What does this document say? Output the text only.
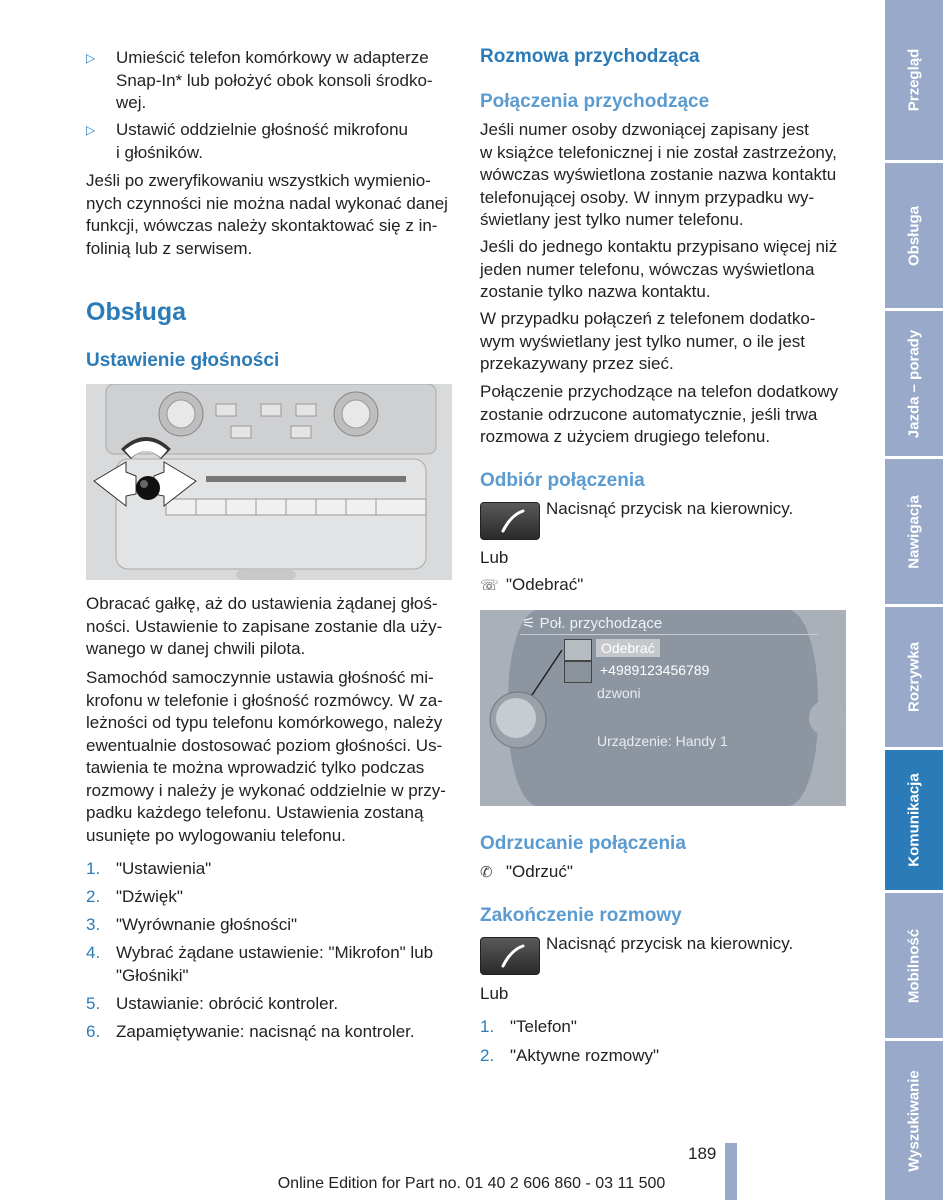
▷ Umieścić telefon komórkowy w adapterze
Snap-In* lub położyć obok konsoli środko-
wej.
▷ Ustawić oddzielnie głośność mikrofonu
i głośników.

Jeśli po zweryfikowaniu wszystkich wymienio-

nych czynności nie można nadal wykonać danej

funkcji, wówczas należy skontaktować się z in-

folinią lub z serwisem.

Obsługa
Ustawienie głośności

Obracać gałkę, aż do ustawienia żądanej głoś-

ności. Ustawienie to zapisane zostanie dla uży-

wanego w danej chwili pilota.

Samochód samoczynnie ustawia głośność mi-

krofonu w telefonie i głośność rozmówcy. W za-

leżności od typu telefonu komórkowego, należy

ewentualnie dostosować poziom głośności. Us-

tawienia te można wprowadzić tylko podczas

rozmowy i należy je wykonać oddzielnie w przy-

padku każdego telefonu. Ustawienia zostaną

usunięte po wylogowaniu telefonu.

1. "Ustawienia"
2. "Dźwięk"
3. "Wyrównanie głośności"
4. Wybrać żądane ustawienie: "Mikrofon" lub
"Głośniki"
5. Ustawianie: obrócić kontroler.
6. Zapamiętywanie: nacisnąć na kontroler.
Rozmowa przychodząca
Połączenia przychodzące

Jeśli numer osoby dzwoniącej zapisany jest

w książce telefonicznej i nie został zastrzeżony,

wówczas wyświetlona zostanie nazwa kontaktu

telefonującej osoby. W innym przypadku wy-

świetlany jest tylko numer telefonu.

Jeśli do jednego kontaktu przypisano więcej niż

jeden numer telefonu, wówczas wyświetlona

zostanie tylko nazwa kontaktu.

W przypadku połączeń z telefonem dodatko-

wym wyświetlany jest tylko numer, o ile jest

przekazywany przez sieć.

Połączenie przychodzące na telefon dodatkowy

zostanie odrzucone automatycznie, jeśli trwa

rozmowa z użyciem drugiego telefonu.

Odbiór połączenia

Nacisnąć przycisk na kierownicy.

Lub

☏ "Odebrać"

⚟ Poł. przychodzące
Odebrać
+4989123456789
dzwoni
Urządzenie: Handy 1
Odrzucanie połączenia
✆ "Odrzuć"

Zakończenie rozmowy

Nacisnąć przycisk na kierownicy.

Lub

1. "Telefon"
2. "Aktywne rozmowy"
Przegląd
Obsługa
Jazda – porady
Nawigacja
Rozrywka
Komunikacja
Mobilność
Wyszukiwanie
189
Online Edition for Part no. 01 40 2 606 860 - 03 11 500
